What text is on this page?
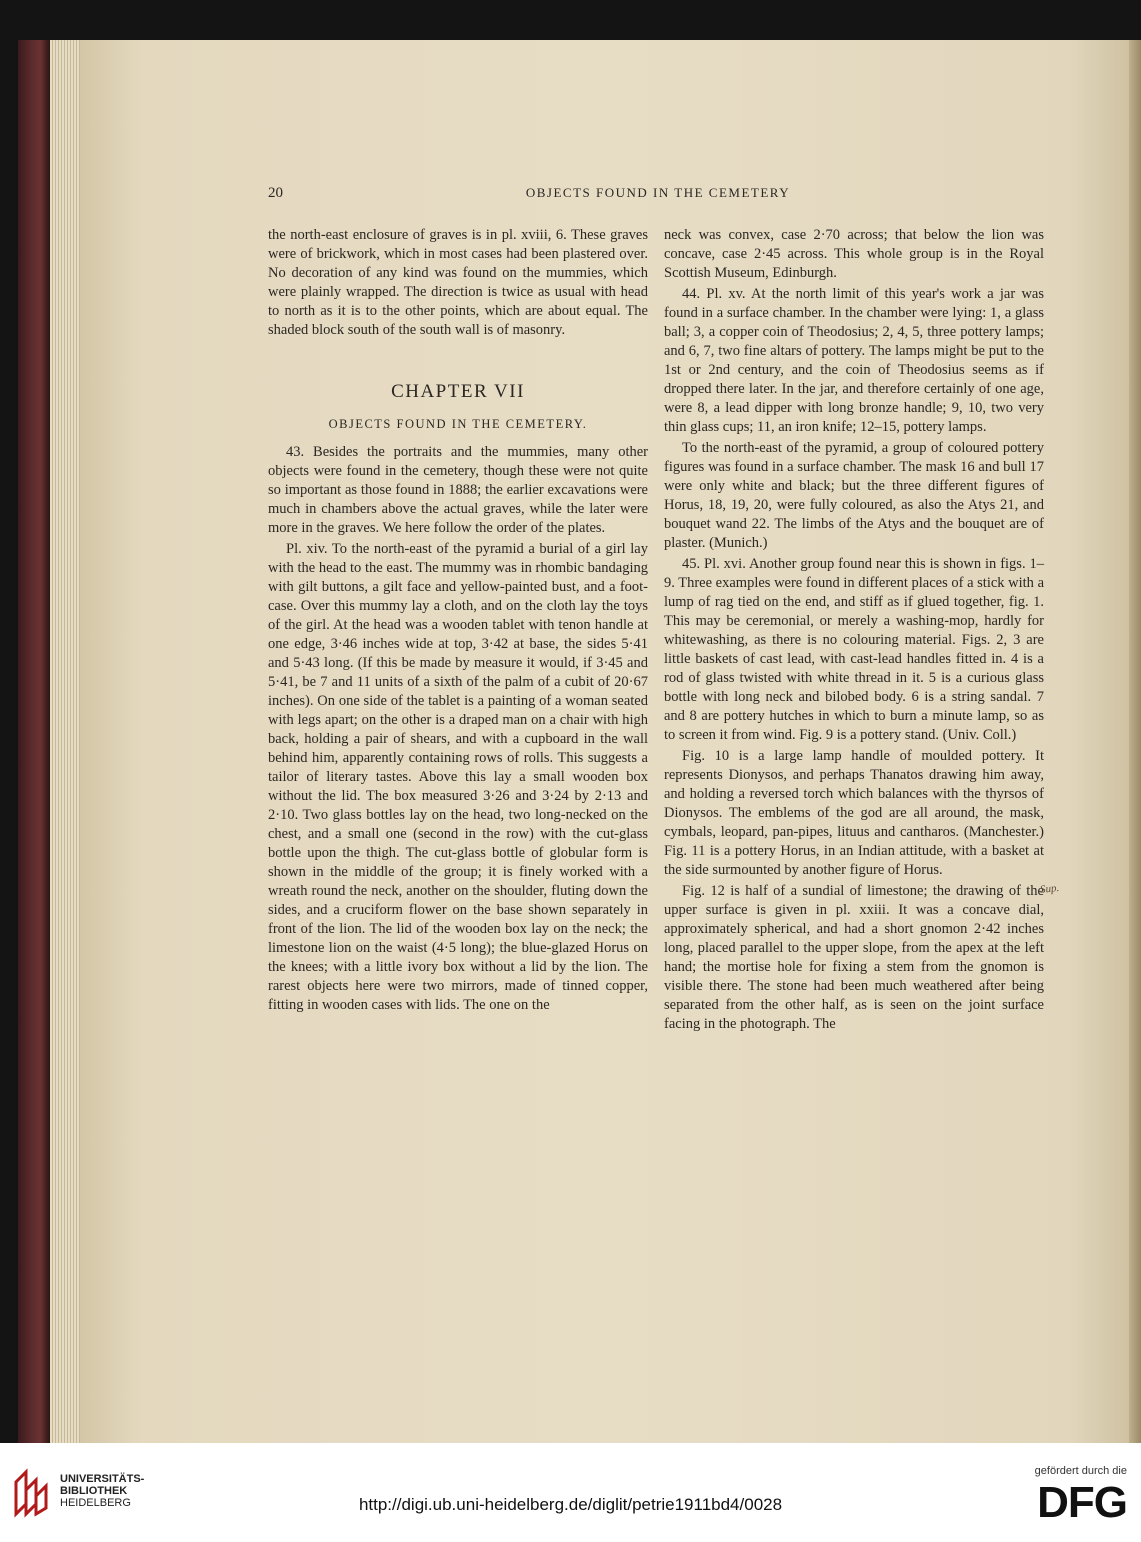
20	OBJECTS FOUND IN THE CEMETERY

the north-east enclosure of graves is in pl. xviii, 6. These graves were of brickwork, which in most cases had been plastered over. No decoration of any kind was found on the mummies, which were plainly wrapped. The direction is twice as usual with head to north as it is to the other points, which are about equal. The shaded block south of the south wall is of masonry.

CHAPTER VII
OBJECTS FOUND IN THE CEMETERY.

43. Besides the portraits and the mummies, many other objects were found in the cemetery, though these were not quite so important as those found in 1888; the earlier excavations were much in chambers above the actual graves, while the later were more in the graves. We here follow the order of the plates.

Pl. xiv. To the north-east of the pyramid a burial of a girl lay with the head to the east. The mummy was in rhombic bandaging with gilt buttons, a gilt face and yellow-painted bust, and a foot-case. Over this mummy lay a cloth, and on the cloth lay the toys of the girl. At the head was a wooden tablet with tenon handle at one edge, 3·46 inches wide at top, 3·42 at base, the sides 5·41 and 5·43 long. (If this be made by measure it would, if 3·45 and 5·41, be 7 and 11 units of a sixth of the palm of a cubit of 20·67 inches). On one side of the tablet is a painting of a woman seated with legs apart; on the other is a draped man on a chair with high back, holding a pair of shears, and with a cupboard in the wall behind him, apparently containing rows of rolls. This suggests a tailor of literary tastes. Above this lay a small wooden box without the lid. The box measured 3·26 and 3·24 by 2·13 and 2·10. Two glass bottles lay on the head, two long-necked on the chest, and a small one (second in the row) with the cut-glass bottle upon the thigh. The cut-glass bottle of globular form is shown in the middle of the group; it is finely worked with a wreath round the neck, another on the shoulder, fluting down the sides, and a cruciform flower on the base shown separately in front of the lion. The lid of the wooden box lay on the neck; the limestone lion on the waist (4·5 long); the blue-glazed Horus on the knees; with a little ivory box without a lid by the lion. The rarest objects here were two mirrors, made of tinned copper, fitting in wooden cases with lids. The one on the

neck was convex, case 2·70 across; that below the lion was concave, case 2·45 across. This whole group is in the Royal Scottish Museum, Edinburgh.

44. Pl. xv. At the north limit of this year's work a jar was found in a surface chamber. In the chamber were lying: 1, a glass ball; 3, a copper coin of Theodosius; 2, 4, 5, three pottery lamps; and 6, 7, two fine altars of pottery. The lamps might be put to the 1st or 2nd century, and the coin of Theodosius seems as if dropped there later. In the jar, and therefore certainly of one age, were 8, a lead dipper with long bronze handle; 9, 10, two very thin glass cups; 11, an iron knife; 12–15, pottery lamps.

To the north-east of the pyramid, a group of coloured pottery figures was found in a surface chamber. The mask 16 and bull 17 were only white and black; but the three different figures of Horus, 18, 19, 20, were fully coloured, as also the Atys 21, and bouquet wand 22. The limbs of the Atys and the bouquet are of plaster. (Munich.)

45. Pl. xvi. Another group found near this is shown in figs. 1–9. Three examples were found in different places of a stick with a lump of rag tied on the end, and stiff as if glued together, fig. 1. This may be ceremonial, or merely a washing-mop, hardly for whitewashing, as there is no colouring material. Figs. 2, 3 are little baskets of cast lead, with cast-lead handles fitted in. 4 is a rod of glass twisted with white thread in it. 5 is a curious glass bottle with long neck and bilobed body. 6 is a string sandal. 7 and 8 are pottery hutches in which to burn a minute lamp, so as to screen it from wind. Fig. 9 is a pottery stand. (Univ. Coll.)

Fig. 10 is a large lamp handle of moulded pottery. It represents Dionysos, and perhaps Thanatos drawing him away, and holding a reversed torch which balances with the thyrsos of Dionysos. The emblems of the god are all around, the mask, cymbals, leopard, pan-pipes, lituus and cantharos. (Manchester.) Fig. 11 is a pottery Horus, in an Indian attitude, with a basket at the side surmounted by another figure of Horus.

Fig. 12 is half of a sundial of limestone; the drawing of the upper surface is given in pl. xxiii. It was a concave dial, approximately spherical, and had a short gnomon 2·42 inches long, placed parallel to the upper slope, from the apex at the left hand; the mortise hole for fixing a stem from the gnomon is visible there. The stone had been much weathered after being separated from the other half, as is seen on the joint surface facing in the photograph. The

Sup.
UNIVERSITÄTS-
BIBLIOTHEK
HEIDELBERG	http://digi.ub.uni-heidelberg.de/diglit/petrie1911bd4/0028
gefördert durch die
DFG
